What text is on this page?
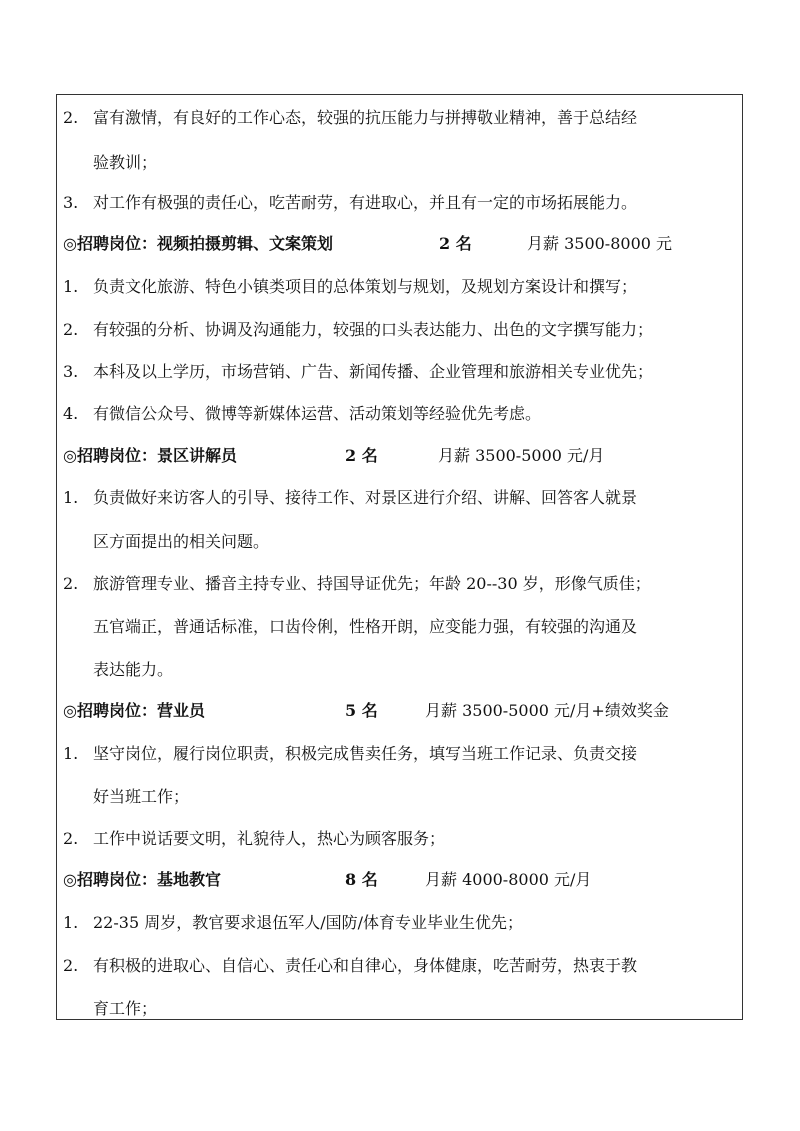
2. 富有激情，有良好的工作心态，较强的抗压能力与拼搏敬业精神，善于总结经
验教训；
3. 对工作有极强的责任心，吃苦耐劳，有进取心，并且有一定的市场拓展能力。
◎招聘岗位：视频拍摄剪辑、文案策划	2 名	月薪 3500-8000 元
1. 负责文化旅游、特色小镇类项目的总体策划与规划，及规划方案设计和撰写；
2. 有较强的分析、协调及沟通能力，较强的口头表达能力、出色的文字撰写能力；
3. 本科及以上学历，市场营销、广告、新闻传播、企业管理和旅游相关专业优先；
4. 有微信公众号、微博等新媒体运营、活动策划等经验优先考虑。
◎招聘岗位：景区讲解员	2 名	月薪 3500-5000 元/月
1. 负责做好来访客人的引导、接待工作、对景区进行介绍、讲解、回答客人就景
区方面提出的相关问题。
2. 旅游管理专业、播音主持专业、持国导证优先；年龄 20--30 岁，形像气质佳；
五官端正，普通话标准，口齿伶俐，性格开朗，应变能力强，有较强的沟通及
表达能力。
◎招聘岗位：营业员	5 名	月薪 3500-5000 元/月+绩效奖金
1. 坚守岗位，履行岗位职责，积极完成售卖任务，填写当班工作记录、负责交接
好当班工作；
2. 工作中说话要文明，礼貌待人，热心为顾客服务；
◎招聘岗位：基地教官	8 名	月薪 4000-8000 元/月
1. 22-35 周岁，教官要求退伍军人/国防/体育专业毕业生优先；
2. 有积极的进取心、自信心、责任心和自律心，身体健康，吃苦耐劳，热衷于教
育工作；
